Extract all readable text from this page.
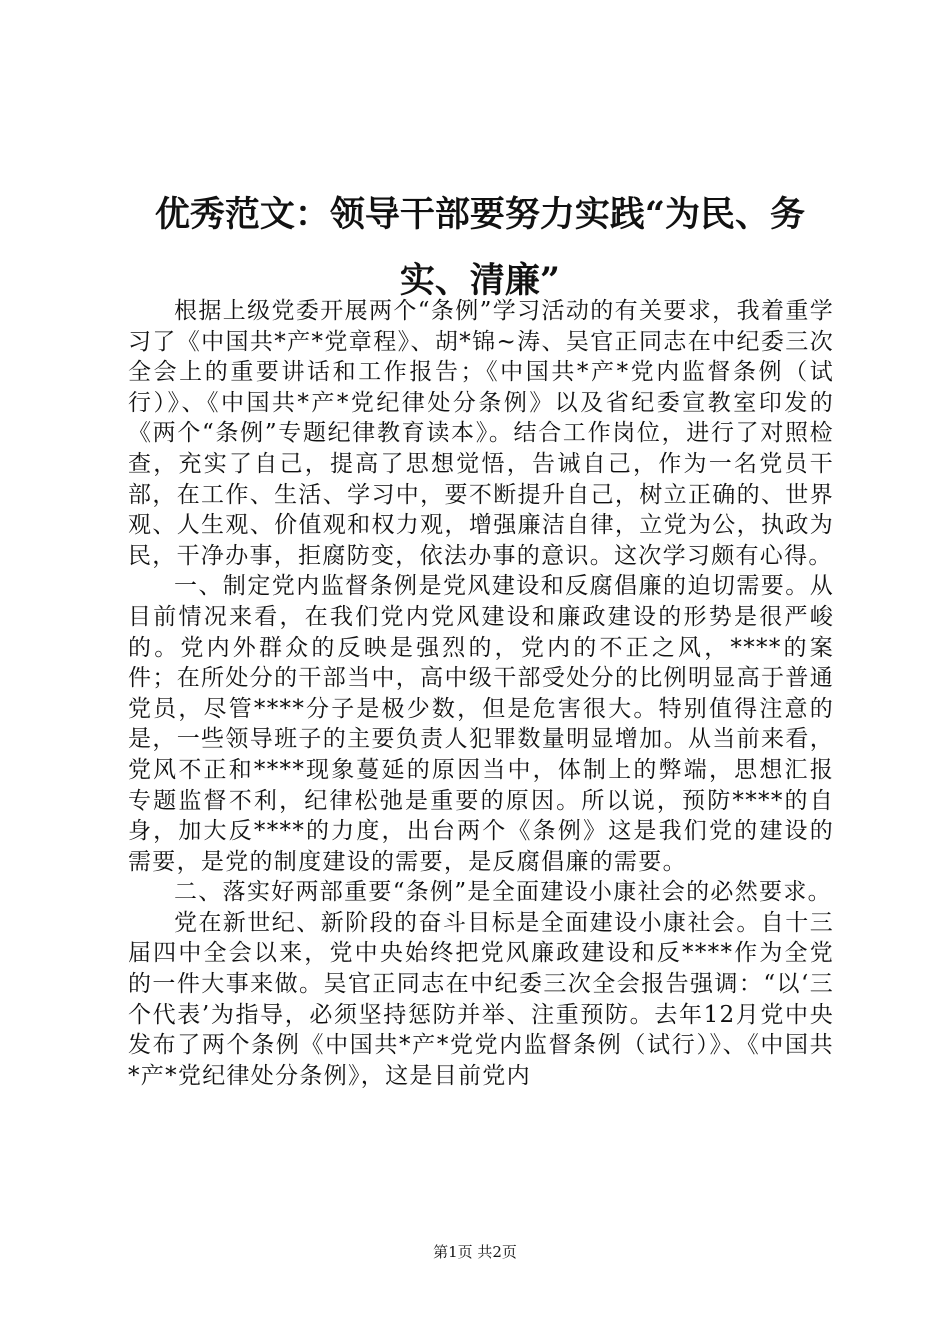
优秀范文：领导干部要努力实践“为民、务实、清廉”

根据上级党委开展两个“条例”学习活动的有关要求，我着重学习了《中国共*产*党章程》、胡*锦~涛、吴官正同志在中纪委三次全会上的重要讲话和工作报告；《中国共*产*党内监督条例（试行）》、《中国共*产*党纪律处分条例》以及省纪委宣教室印发的《两个“条例”专题纪律教育读本》。结合工作岗位，进行了对照检查，充实了自己，提高了思想觉悟，告诫自己，作为一名党员干部，在工作、生活、学习中，要不断提升自己，树立正确的、世界观、人生观、价值观和权力观，增强廉洁自律，立党为公，执政为民，干净办事，拒腐防变，依法办事的意识。这次学习颇有心得。

一、制定党内监督条例是党风建设和反腐倡廉的迫切需要。从目前情况来看，在我们党内党风建设和廉政建设的形势是很严峻的。党内外群众的反映是强烈的，党内的不正之风，****的案件；在所处分的干部当中，高中级干部受处分的比例明显高于普通党员，尽管****分子是极少数，但是危害很大。特别值得注意的是，一些领导班子的主要负责人犯罪数量明显增加。从当前来看，党风不正和****现象蔓延的原因当中，体制上的弊端，思想汇报专题监督不利，纪律松弛是重要的原因。所以说，预防****的自身，加大反****的力度，出台两个《条例》这是我们党的建设的需要，是党的制度建设的需要，是反腐倡廉的需要。

二、落实好两部重要“条例”是全面建设小康社会的必然要求。

党在新世纪、新阶段的奋斗目标是全面建设小康社会。自十三届四中全会以来，党中央始终把党风廉政建设和反****作为全党的一件大事来做。吴官正同志在中纪委三次全会报告强调：“以‘三个代表’为指导，必须坚持惩防并举、注重预防。去年12月党中央发布了两个条例《中国共*产*党党内监督条例（试行）》、《中国共*产*党纪律处分条例》，这是目前党内

第1页 共2页
